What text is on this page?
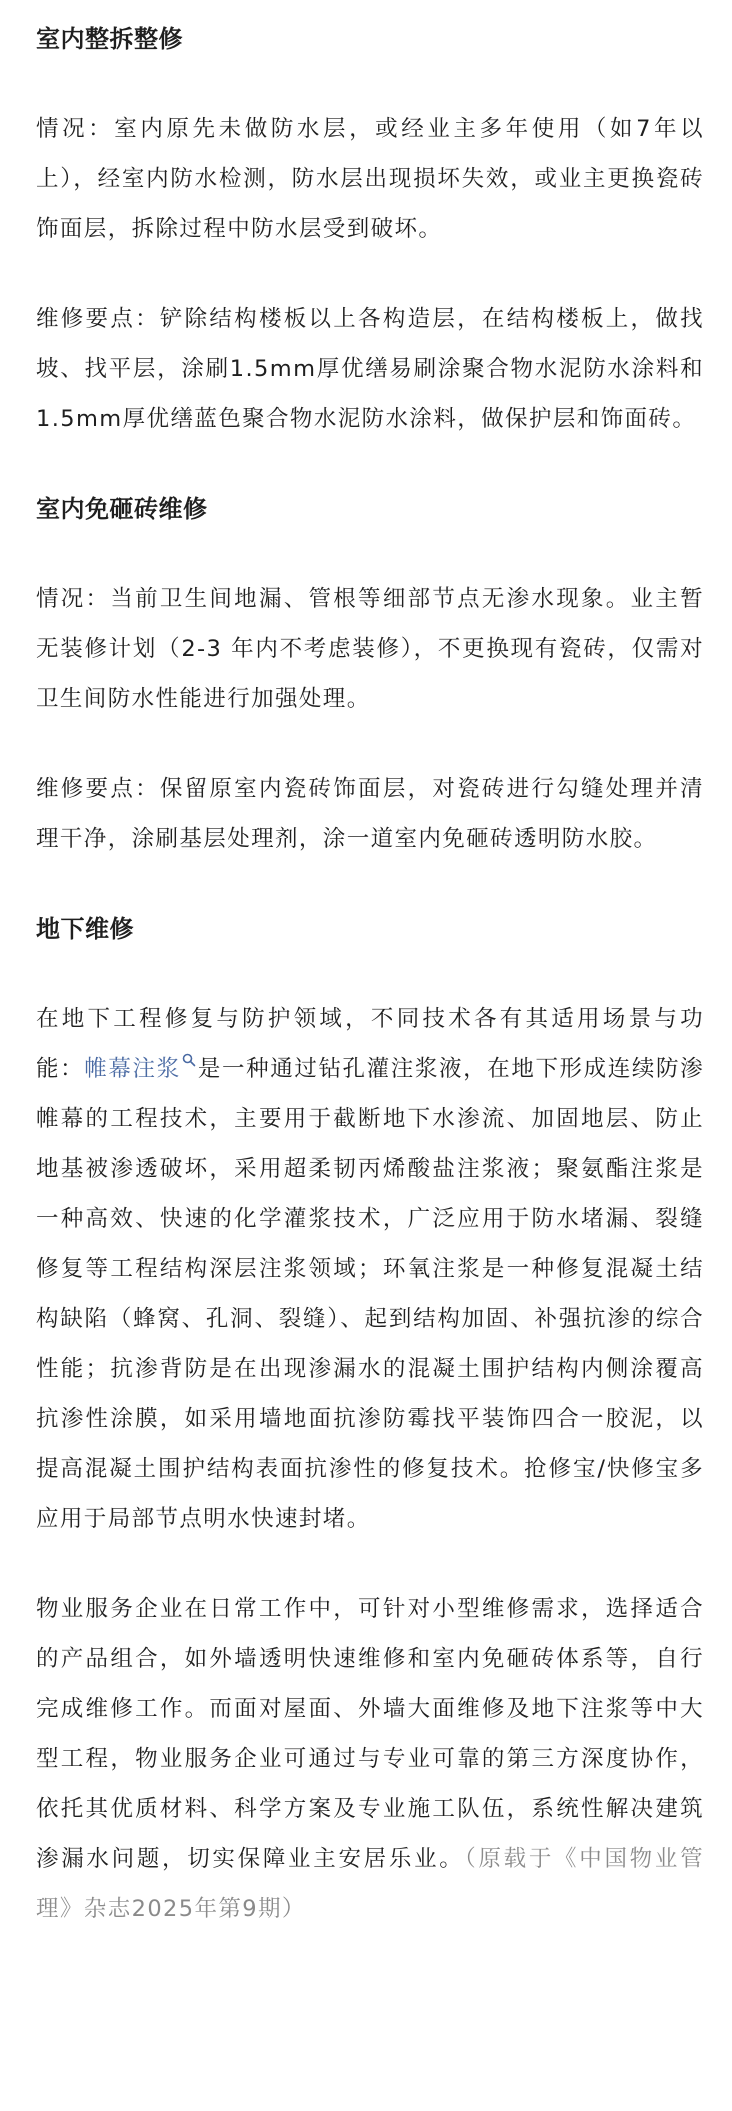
室内整拆整修

情况：室内原先未做防水层，或经业主多年使用（如7年以上），经室内防水检测，防水层出现损坏失效，或业主更换瓷砖饰面层，拆除过程中防水层受到破坏。

维修要点：铲除结构楼板以上各构造层，在结构楼板上，做找坡、找平层，涂刷1.5mm厚优缮易刷涂聚合物水泥防水涂料和1.5mm厚优缮蓝色聚合物水泥防水涂料，做保护层和饰面砖。

室内免砸砖维修

情况：当前卫生间地漏、管根等细部节点无渗水现象。业主暂无装修计划（2-3 年内不考虑装修），不更换现有瓷砖，仅需对卫生间防水性能进行加强处理。

维修要点：保留原室内瓷砖饰面层，对瓷砖进行勾缝处理并清理干净，涂刷基层处理剂，涂一道室内免砸砖透明防水胶。

地下维修

在地下工程修复与防护领域，不同技术各有其适用场景与功能：帷幕注浆 是一种通过钻孔灌注浆液，在地下形成连续防渗帷幕的工程技术，主要用于截断地下水渗流、加固地层、防止地基被渗透破坏，采用超柔韧丙烯酸盐注浆液；聚氨酯注浆是一种高效、快速的化学灌浆技术，广泛应用于防水堵漏、裂缝修复等工程结构深层注浆领域；环氧注浆是一种修复混凝土结构缺陷（蜂窝、孔洞、裂缝）、起到结构加固、补强抗渗的综合性能；抗渗背防是在出现渗漏水的混凝土围护结构内侧涂覆高抗渗性涂膜，如采用墙地面抗渗防霉找平装饰四合一胶泥，以提高混凝土围护结构表面抗渗性的修复技术。抢修宝/快修宝多应用于局部节点明水快速封堵。

物业服务企业在日常工作中，可针对小型维修需求，选择适合的产品组合，如外墙透明快速维修和室内免砸砖体系等，自行完成维修工作。而面对屋面、外墙大面维修及地下注浆等中大型工程，物业服务企业可通过与专业可靠的第三方深度协作，依托其优质材料、科学方案及专业施工队伍，系统性解决建筑渗漏水问题，切实保障业主安居乐业。（原载于《中国物业管理》杂志2025年第9期）
